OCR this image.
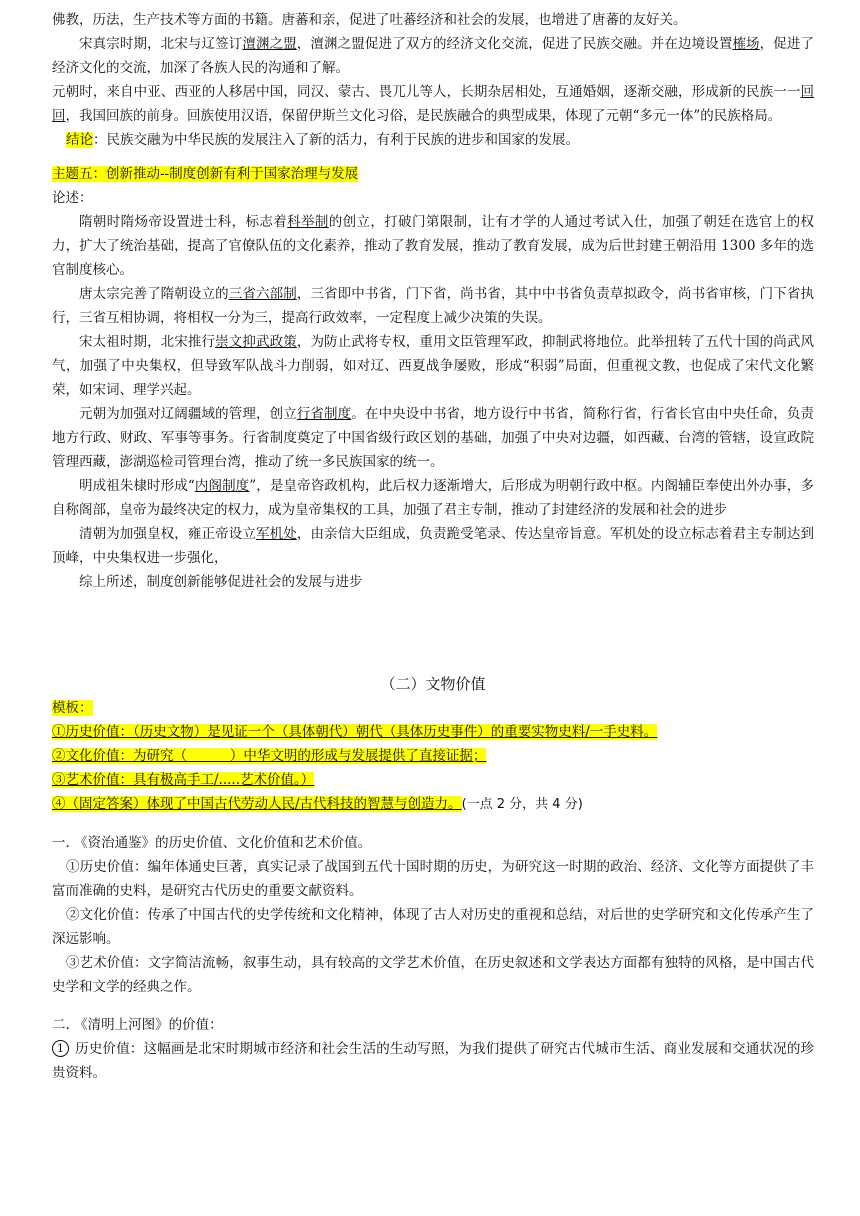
佛教，历法，生产技术等方面的书籍。唐蕃和亲，促进了吐蕃经济和社会的发展，也增进了唐蕃的友好关。

宋真宗时期，北宋与辽签订澶渊之盟，澶渊之盟促进了双方的经济文化交流，促进了民族交融。并在边境设置榷场，促进了经济文化的交流，加深了各族人民的沟通和了解。

元朝时，来自中亚、西亚的人移居中国，同汉、蒙古、畏兀儿等人，长期杂居相处，互通婚姻，逐渐交融，形成新的民族一一回回，我国回族的前身。回族使用汉语，保留伊斯兰文化习俗，是民族融合的典型成果，体现了元朝“多元一体”的民族格局。

结论：民族交融为中华民族的发展注入了新的活力，有利于民族的进步和国家的发展。

主题五：创新推动--制度创新有利于国家治理与发展

论述：

隋朝时隋炀帝设置进士科，标志着科举制的创立，打破门第限制，让有才学的人通过考试入仕，加强了朝廷在选官上的权力，扩大了统治基础，提高了官僚队伍的文化素养，推动了教育发展，推动了教育发展，成为后世封建王朝沿用 1300 多年的选官制度核心。

唐太宗完善了隋朝设立的三省六部制，三省即中书省，门下省，尚书省，其中中书省负责草拟政令，尚书省审核，门下省执行，三省互相协调，将相权一分为三，提高行政效率，一定程度上减少决策的失误。

宋太祖时期，北宋推行崇文抑武政策，为防止武将专权，重用文臣管理军政，抑制武将地位。此举扭转了五代十国的尚武风气，加强了中央集权，但导致军队战斗力削弱，如对辽、西夏战争屡败，形成“积弱”局面，但重视文教，也促成了宋代文化繁荣，如宋词、理学兴起。

元朝为加强对辽阔疆域的管理，创立行省制度。在中央设中书省，地方设行中书省，简称行省，行省长官由中央任命，负责地方行政、财政、军事等事务。行省制度奠定了中国省级行政区划的基础，加强了中央对边疆，如西藏、台湾的管辖，设宣政院管理西藏，澎湖巡检司管理台湾，推动了统一多民族国家的统一。

明成祖朱棣时形成“内阁制度”，是皇帝咨政机构，此后权力逐渐增大，后形成为明朝行政中枢。内阁辅臣奉使出外办事，多自称阁部，皇帝为最终决定的权力，成为皇帝集权的工具，加强了君主专制，推动了封建经济的发展和社会的进步

清朝为加强皇权，雍正帝设立军机处，由亲信大臣组成，负责跪受笔录、传达皇帝旨意。军机处的设立标志着君主专制达到顶峰，中央集权进一步强化，

综上所述，制度创新能够促进社会的发展与进步

（二）文物价值

模板：

①历史价值：（历史文物）是见证一个（具体朝代）朝代（具体历史事件）的重要实物史料/一手史料。

②文化价值：为研究（          ）中华文明的形成与发展提供了直接证据；

③艺术价值：具有极高手工/.....艺术价值。）

④（固定答案）体现了中国古代劳动人民/古代科技的智慧与创造力。(一点 2 分，共 4 分)

一. 《资治通鉴》的历史价值、文化价值和艺术价值。

①历史价值：编年体通史巨著，真实记录了战国到五代十国时期的历史，为研究这一时期的政治、经济、文化等方面提供了丰富而准确的史料，是研究古代历史的重要文献资料。

②文化价值：传承了中国古代的史学传统和文化精神，体现了古人对历史的重视和总结，对后世的史学研究和文化传承产生了深远影响。

③艺术价值：文字简洁流畅，叙事生动，具有较高的文学艺术价值，在历史叙述和文学表达方面都有独特的风格，是中国古代史学和文学的经典之作。

二. 《清明上河图》的价值：

1 历史价值：这幅画是北宋时期城市经济和社会生活的生动写照，为我们提供了研究古代城市生活、商业发展和交通状况的珍贵资料。
